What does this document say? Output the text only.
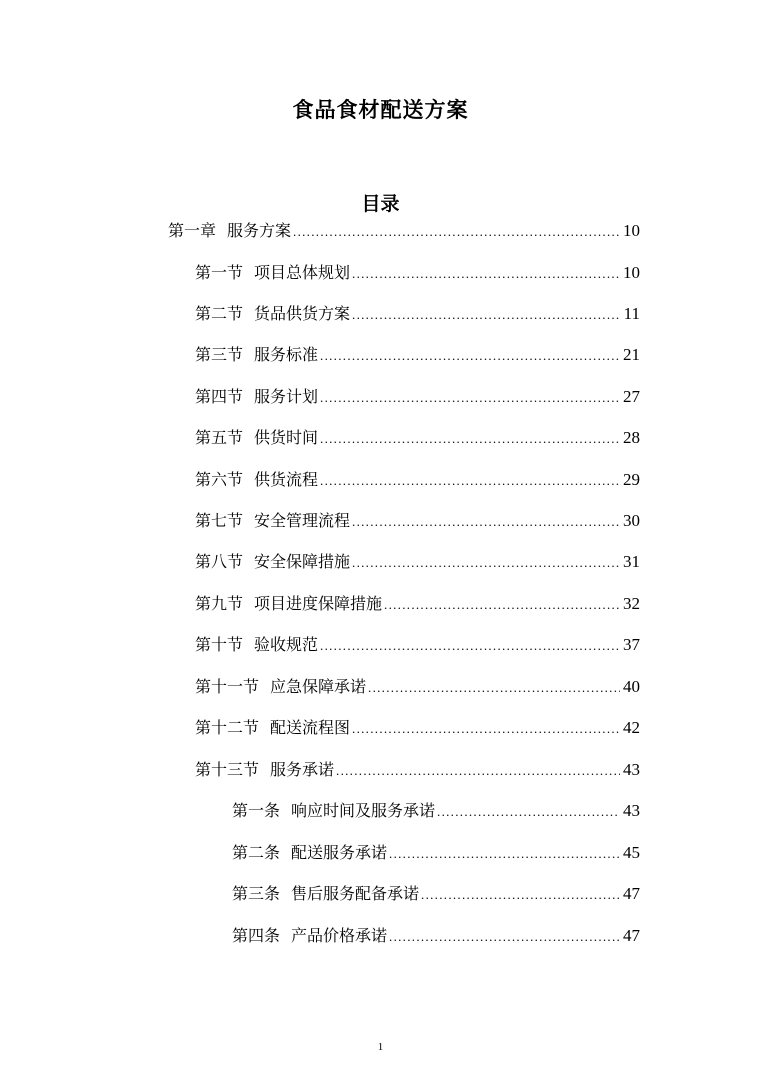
食品食材配送方案
目录
第一章 服务方案 .....	10
第一节 项目总体规划 .....	10
第二节 货品供货方案 .....	11
第三节 服务标准 .....	21
第四节 服务计划 .....	27
第五节 供货时间 .....	28
第六节 供货流程 .....	29
第七节 安全管理流程 .....	30
第八节 安全保障措施 .....	31
第九节 项目进度保障措施 .....	32
第十节 验收规范 .....	37
第十一节 应急保障承诺 .....	40
第十二节 配送流程图 .....	42
第十三节 服务承诺 .....	43
第一条 响应时间及服务承诺 .....	43
第二条 配送服务承诺 .....	45
第三条 售后服务配备承诺 .....	47
第四条 产品价格承诺 .....	47
1
